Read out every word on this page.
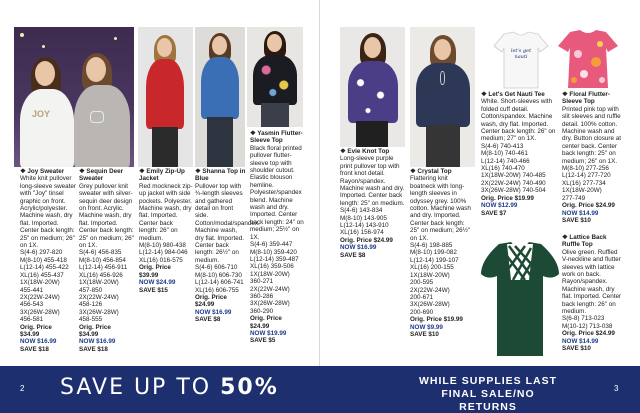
JOY
let's get nauti
❖ Joy Sweater
White knit pullover long-sleeve sweater with "Joy" tinsel graphic on front. Acrylic/polyester. Machine wash, dry flat. Imported. Center back length: 25" on medium; 26" on 1X.
S(4-6) 297-820
M(8-10) 455-418
L(12-14) 455-422
XL(16) 455-437
1X(18W-20W)
455-441
2X(22W-24W)
456-543
3X(26W-28W)
456-581
Orig. Price
$34.99
NOW $16.99
SAVE $18
❖ Sequin Deer Sweater
Grey pullover knit sweater with silver-sequin deer design on front. Acrylic. Machine wash, dry flat. Imported. Center back length: 25" on medium; 26" on 1X.
S(4-6) 456-835
M(8-10) 456-854
L(12-14) 456-911
XL(16) 456-926
1X(18W-20W)
457-850
2X(22W-24W)
458-126
3X(26W-28W)
458-555
Orig. Price
$34.99
NOW $16.99
SAVE $18
❖ Emily Zip-Up Jacket
Red mockneck zip-up jacket with side pockets. Polyester. Machine wash, dry flat. Imported. Center back length: 26" on medium.
M(8-10) 980-438
L(12-14) 984-046
XL(16) 016-575
Orig. Price
$39.99
NOW $24.99
SAVE $15
❖ Shanna Top in Blue
Pullover top with ¾-length sleeves and gathered detail on front side. Cotton/modal/spandex. Machine wash, dry flat. Imported. Center back length: 26½" on medium.
S(4-6) 606-710
M(8-10) 606-730
L(12-14) 606-741
XL(16) 606-755
Orig. Price
$24.99
NOW $16.99
SAVE $8
❖ Yasmin Flutter-Sleeve Top
Black floral printed pullover flutter-sleeve top with shoulder cutout. Elastic blouson hemline. Polyester/spandex blend. Machine wash and dry. Imported. Center back length: 24" on medium; 25½" on 1X.
S(4-6) 359-447
M(8-10) 359-420
L(12-14) 359-487
XL(16) 359-506
1X(18W-20W)
360-271
2X(22W-24W)
360-286
3X(26W-28W)
360-290
Orig. Price
$24.99
NOW $19.99
SAVE $5
❖ Evie Knot Top
Long-sleeve purple print pullover top with front knot detail. Rayon/spandex. Machine wash and dry. Imported. Center back length: 25" on medium.
S(4-6) 143-834
M(8-10) 143-905
L(12-14) 143-910
XL(16) 156-974
Orig. Price $24.99
NOW $16.99
SAVE $8
❖ Crystal Top
Flattering knit boatneck with long-length sleeves in odyssey grey. 100% cotton. Machine wash and dry. Imported. Center back length: 25" on medium; 26½" on 1X.
S(4-6) 198-885
M(8-10) 199-082
L(12-14) 199-107
XL(16) 200-155
1X(18W-20W)
200-595
2X(22W-24W)
200-671
3X(26W-28W)
200-690
Orig. Price $19.99
NOW $9.99
SAVE $10
❖ Let's Get Nauti Tee
White. Short-sleeves with folded cuff detail. Cotton/spandex. Machine wash, dry flat. Imported. Center back length: 26" on medium; 27" on 1X.
S(4-6) 740-413
M(8-10) 740-461
L(12-14) 740-466
XL(16) 740-470
1X(18W-20W) 740-485
2X(22W-24W) 740-490
3X(26W-28W) 740-504
Orig. Price $19.99
NOW $12.99
SAVE $7
❖ Floral Flutter-Sleeve Top
Printed pink top with slit sleeves and ruffle detail. 100% cotton. Machine wash and dry. Button closure at center back. Center back length: 25" on medium; 26" on 1X.
M(8-10) 277-256
L(12-14) 277-720
XL(16) 277-734
1X(18W-20W)
277-749
Orig. Price $24.99
NOW $14.99
SAVE $10
❖ Lattice Back Ruffle Top
Olive green. Ruffled V-neckline and flutter sleeves with lattice work on back. Rayon/spandex. Machine wash, dry flat. Imported. Center back length: 26" on medium.
S(6-8) 713-023
M(10-12) 713-038
Orig. Price $24.99
NOW $14.99
SAVE $10
SAVE UP TO 50%	WHILE SUPPLIES LAST
FINAL SALE/NO RETURNS
2	3
